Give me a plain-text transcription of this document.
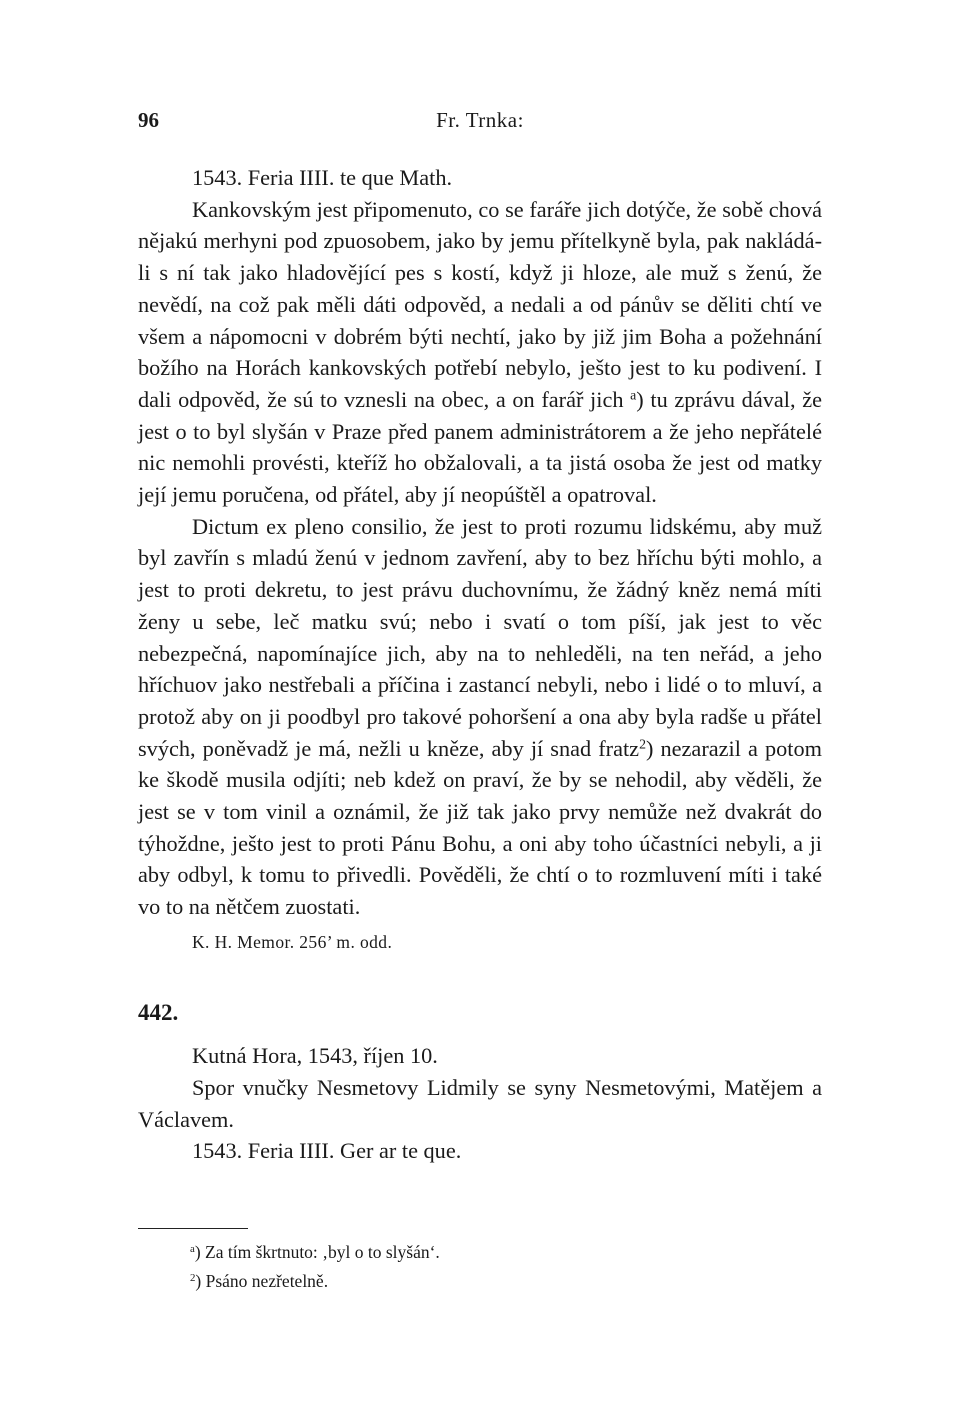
96	Fr. Trnka:

1543. Feria IIII. te que Math.

Kankovským jest připomenuto, co se faráře jich dotýče, že sobě chová nějakú merhyni pod zpuosobem, jako by jemu přítelkyně byla, pak nakládá-li s ní tak jako hladovějící pes s kostí, když ji hloze, ale muž s ženú, že nevědí, na což pak měli dáti odpověd, a nedali a od pánův se děliti chtí ve všem a nápomocni v dobrém býti nechtí, jako by již jim Boha a požehnání božího na Horách kankovských potřebí nebylo, ješto jest to ku podivení. I dali odpověd, že sú to vznesli na obec, a on farář jich $^a$) tu zprávu dával, že jest o to byl slyšán v Praze před panem administrátorem a že jeho nepřátelé nic nemohli provésti, kteříž ho obžalovali, a ta jistá osoba že jest od matky její jemu poručena, od přátel, aby jí neopúštěl a opatroval.

Dictum ex pleno consilio, že jest to proti rozumu lidskému, aby muž byl zavřín s mladú ženú v jednom zavření, aby to bez hříchu býti mohlo, a jest to proti dekretu, to jest právu duchovnímu, že žádný kněz nemá míti ženy u sebe, leč matku svú; nebo i svatí o tom píší, jak jest to věc nebezpečná, napomínajíce jich, aby na to nehleděli, na ten neřád, a jeho hříchuov jako nestřebali a příčina i zastancí nebyli, nebo i lidé o to mluví, a protož aby on ji poodbyl pro takové pohoršení a ona aby byla radše u přátel svých, poněvadž je má, nežli u kněze, aby jí snad fratz$^2$) nezarazil a potom ke škodě musila odjíti; neb kdež on praví, že by se nehodil, aby věděli, že jest se v tom vinil a oznámil, že již tak jako prvy nemůže než dvakrát do týhoždne, ješto jest to proti Pánu Bohu, a oni aby toho účastníci nebyli, a ji aby odbyl, k tomu to přivedli. Pověděli, že chtí o to rozmluvení míti i také vo to na nětčem zuostati.

K. H. Memor. 256’ m. odd.

442.

Kutná Hora, 1543, říjen 10.

Spor vnučky Nesmetovy Lidmily se syny Nesmetovými, Matějem a Václavem.

1543. Feria IIII. Ger ar te que.

$^a$) Za tím škrtnuto: ‚byl o to slyšán‘.
$^2$) Psáno nezřetelně.
